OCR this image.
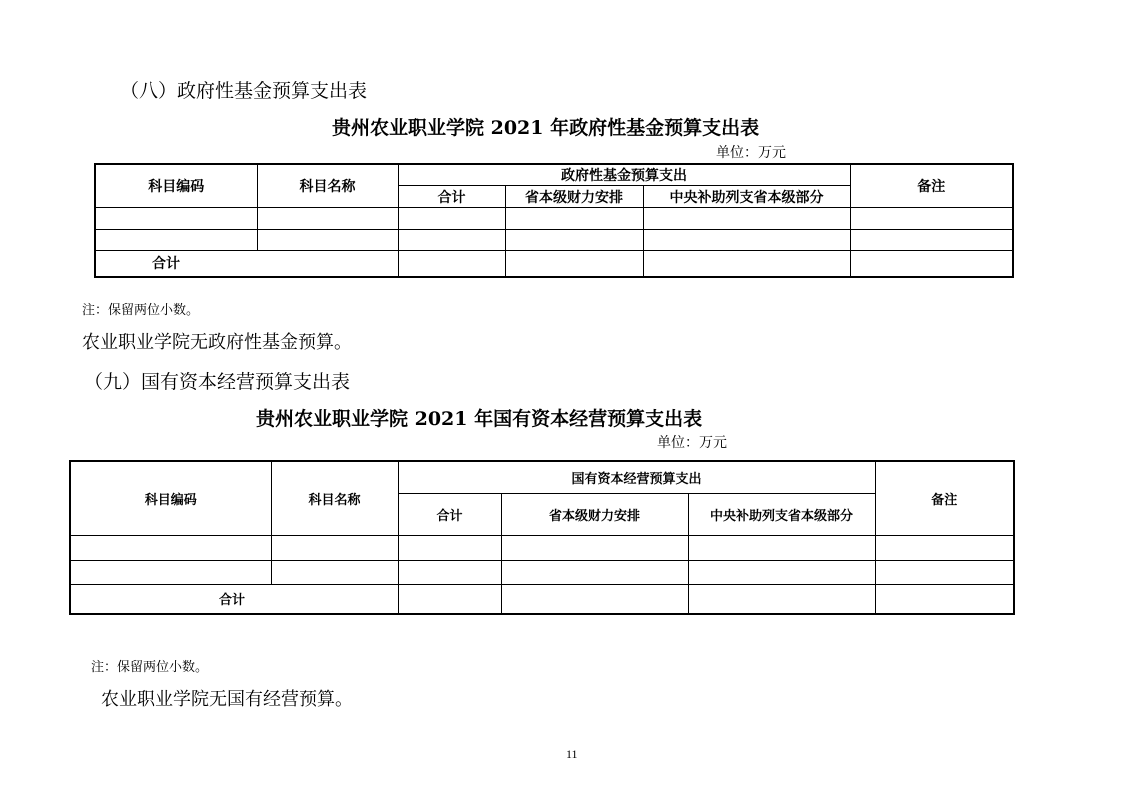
（八）政府性基金预算支出表
贵州农业职业学院 2021 年政府性基金预算支出表
单位：万元
科目编码	科目名称	政府性基金预算支出			备注
		合计	省本级财力安排	中央补助列支省本级部分	

合计					
注：保留两位小数。
农业职业学院无政府性基金预算。
（九）国有资本经营预算支出表
贵州农业职业学院 2021 年国有资本经营预算支出表
单位：万元
科目编码	科目名称	国有资本经营预算支出			备注
		合计	省本级财力安排	中央补助列支省本级部分	

合计					
注：保留两位小数。
农业职业学院无国有经营预算。
11
